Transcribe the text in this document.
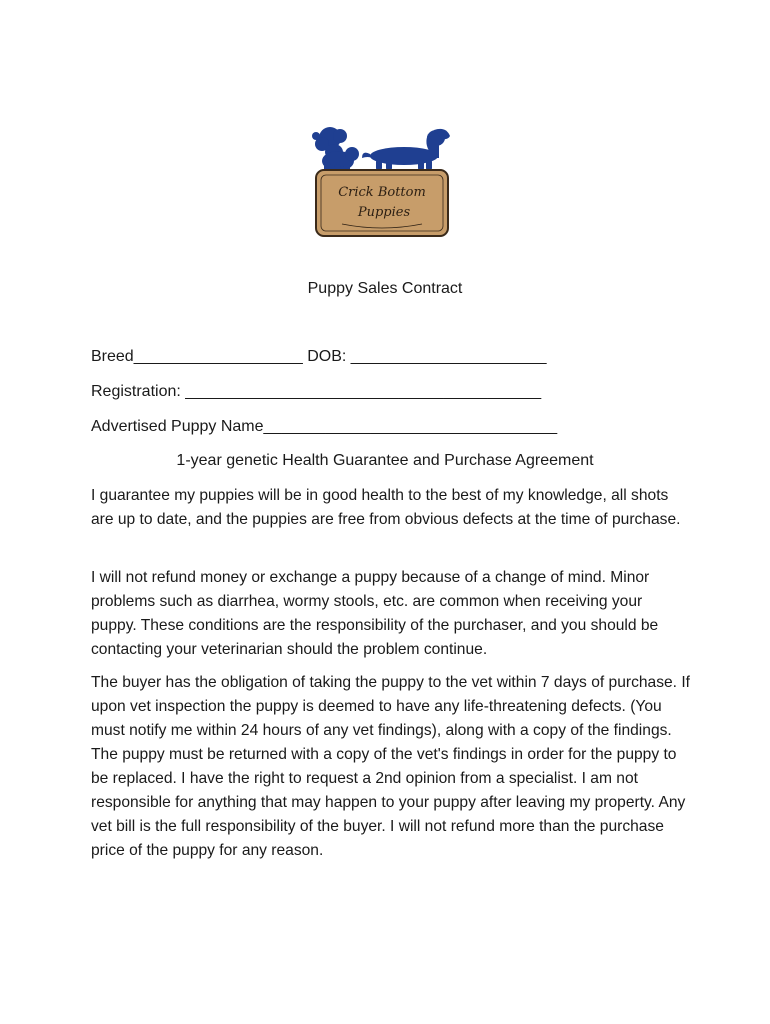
Crick Bottom
Puppies
Puppy Sales Contract
Breed___________________ DOB: ______________________
Registration: ________________________________________
Advertised Puppy Name_________________________________
1-year genetic Health Guarantee and Purchase Agreement
I guarantee my puppies will be in good health to the best of my knowledge, all shots are up to date, and the puppies are free from obvious defects at the time of purchase.
I will not refund money or exchange a puppy because of a change of mind. Minor problems such as diarrhea, wormy stools, etc. are common when receiving your puppy. These conditions are the responsibility of the purchaser, and you should be contacting your veterinarian should the problem continue.
The buyer has the obligation of taking the puppy to the vet within 7 days of purchase. If upon vet inspection the puppy is deemed to have any life-threatening defects. (You must notify me within 24 hours of any vet findings), along with a copy of the findings. The puppy must be returned with a copy of the vet's findings in order for the puppy to be replaced. I have the right to request a 2nd opinion from a specialist. I am not responsible for anything that may happen to your puppy after leaving my property. Any vet bill is the full responsibility of the buyer. I will not refund more than the purchase price of the puppy for any reason.
